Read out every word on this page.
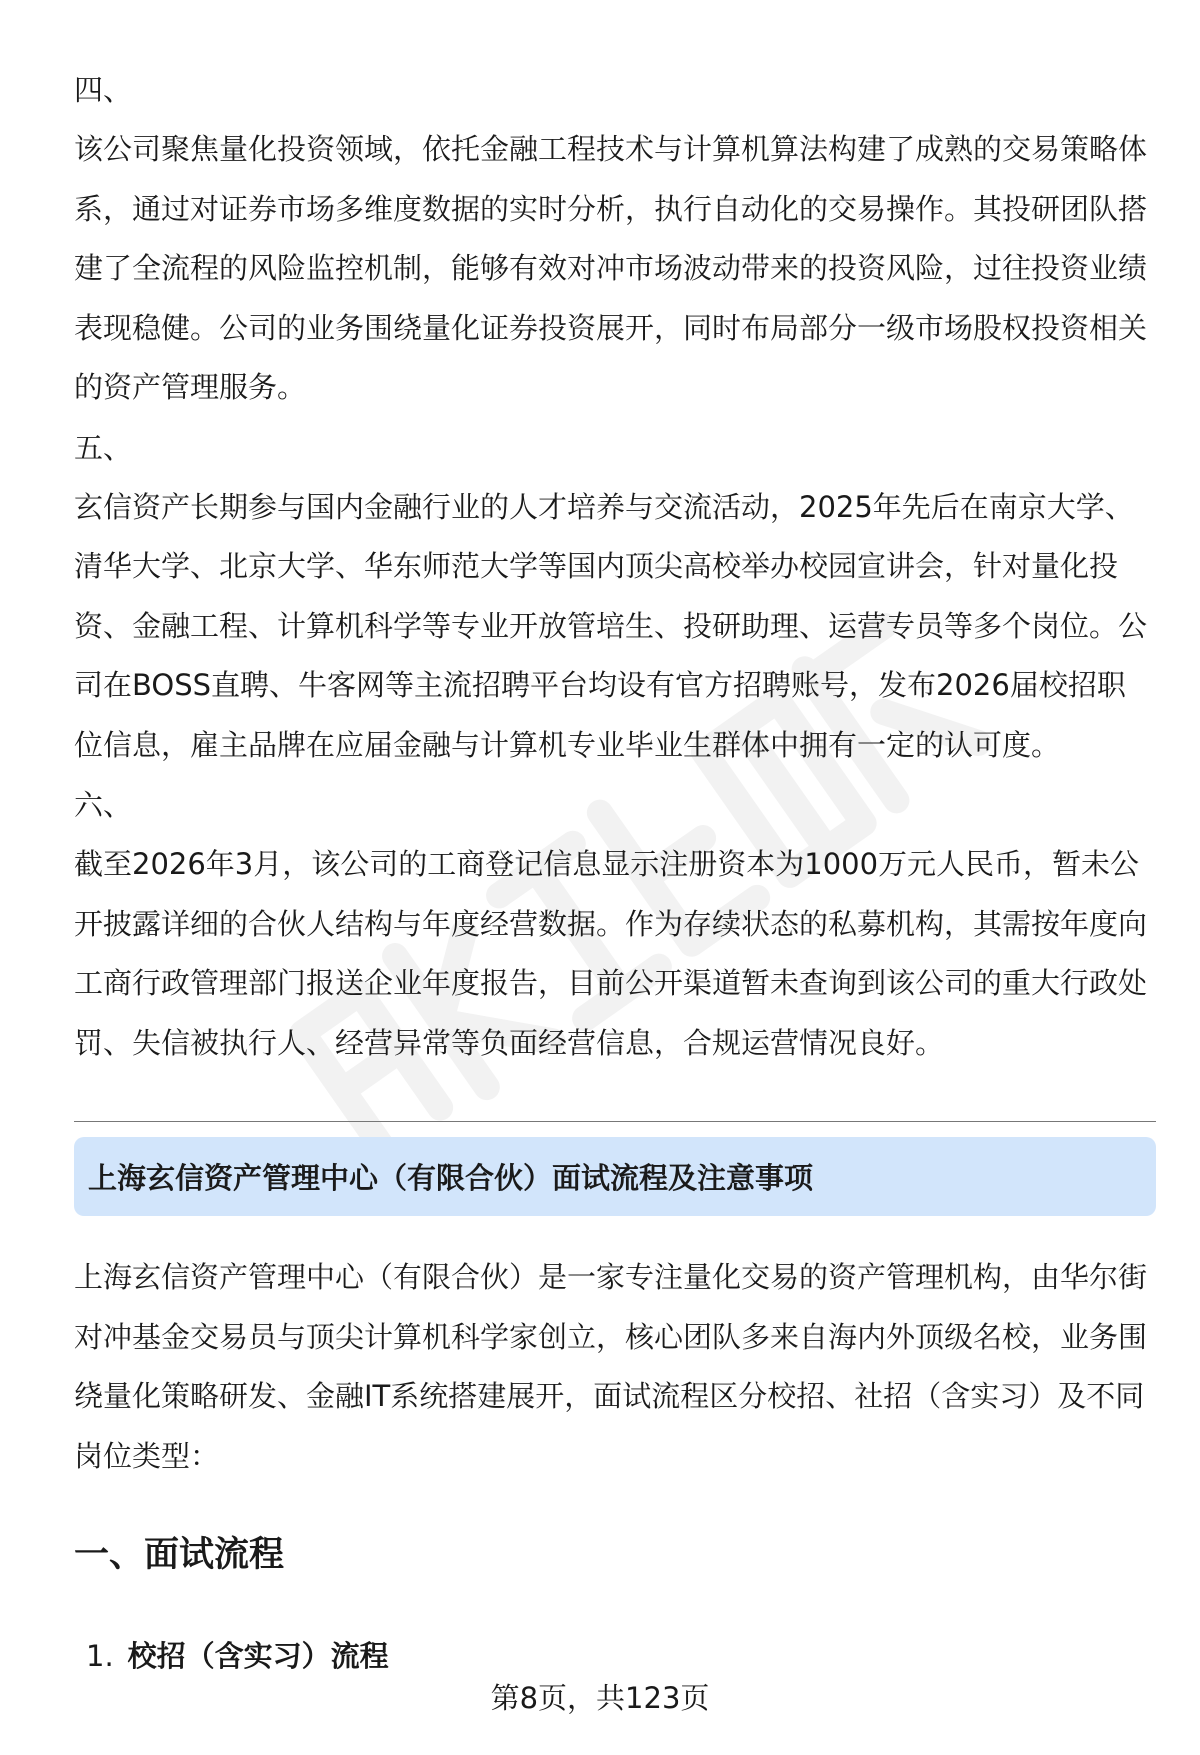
四、

该公司聚焦量化投资领域，依托金融工程技术与计算机算法构建了成熟的交易策略体系，通过对证券市场多维度数据的实时分析，执行自动化的交易操作。其投研团队搭建了全流程的风险监控机制，能够有效对冲市场波动带来的投资风险，过往投资业绩表现稳健。公司的业务围绕量化证券投资展开，同时布局部分一级市场股权投资相关的资产管理服务。

五、

玄信资产长期参与国内金融行业的人才培养与交流活动，2025年先后在南京大学、清华大学、北京大学、华东师范大学等国内顶尖高校举办校园宣讲会，针对量化投资、金融工程、计算机科学等专业开放管培生、投研助理、运营专员等多个岗位。公司在BOSS直聘、牛客网等主流招聘平台均设有官方招聘账号，发布2026届校招职位信息，雇主品牌在应届金融与计算机专业毕业生群体中拥有一定的认可度。

六、

截至2026年3月，该公司的工商登记信息显示注册资本为1000万元人民币，暂未公开披露详细的合伙人结构与年度经营数据。作为存续状态的私募机构，其需按年度向工商行政管理部门报送企业年度报告，目前公开渠道暂未查询到该公司的重大行政处罚、失信被执行人、经营异常等负面经营信息，合规运营情况良好。

上海玄信资产管理中心（有限合伙）面试流程及注意事项

上海玄信资产管理中心（有限合伙）是一家专注量化交易的资产管理机构，由华尔街对冲基金交易员与顶尖计算机科学家创立，核心团队多来自海内外顶级名校，业务围绕量化策略研发、金融IT系统搭建展开，面试流程区分校招、社招（含实习）及不同岗位类型：

一、面试流程
1. 校招（含实习）流程
第8页，共123页
